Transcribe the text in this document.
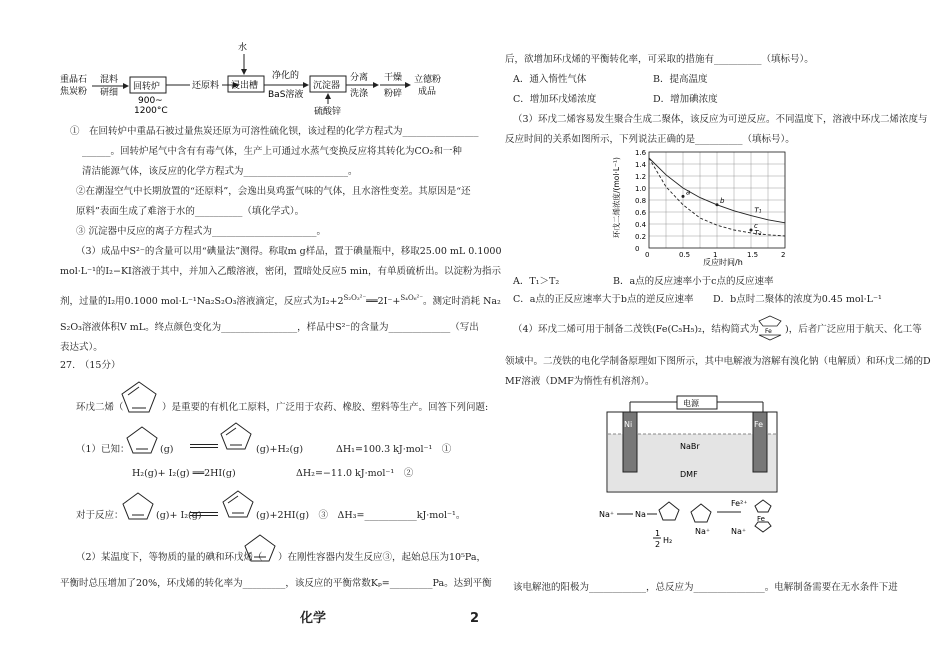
重晶石
焦炭粉
混料
研细
回转炉
900~
1200°C
还原料
水
浸出槽
净化的
BaS溶液
沉淀器
硫酸锌
分离
洗涤
干燥
粉碎
立德粉
成品

①　在回转炉中重晶石被过量焦炭还原为可溶性硫化钡，该过程的化学方程式为________________

______。回转炉尾气中含有有毒气体，生产上可通过水蒸气变换反应将其转化为CO₂和一种

清洁能源气体，该反应的化学方程式为______________________。

②在潮湿空气中长期放置的“还原料”，会逸出臭鸡蛋气味的气体，且水溶性变差。其原因是“还

原料”表面生成了难溶于水的__________（填化学式）。

③ 沉淀器中反应的离子方程式为______________________。

（3）成品中S²⁻的含量可以用“碘量法”测得。称取m g样品，置于碘量瓶中，移取25.00 mL 0.1000

mol·L⁻¹的I₂−KI溶液于其中，并加入乙酸溶液，密闭，置暗处反应5 min，有单质硫析出。以淀粉为指示

剂，过量的I₂用0.1000 mol·L⁻¹Na₂S₂O₃溶液滴定，反应式为$I_2+2^{S_2O_3^{2-}}══2I^-+^{S_4O_6^{2-}}$。测定时消耗 Na₂

S₂O₃溶液体积V mL。终点颜色变化为________________，样品中S²⁻的含量为_____________（写出

表达式）。

27.　（15分）

环戊二烯（	）是重要的有机化工原料，广泛用于农药、橡胶、塑料等生产。回答下列问题:

（1）已知：	(g)	(g)+H₂(g)	ΔH₁=100.3 kJ·mol⁻¹　①

H₂(g)+ I₂(g) ══2HI(g)	ΔH₂=−11.0 kJ·mol⁻¹　②

对于反应：	(g)+ I₂(g)	(g)+2HI(g)　③　ΔH₃=___________kJ·mol⁻¹。

（2）某温度下，等物质的量的碘和环戊烯（ ）在刚性容器内发生反应③，起始总压为10⁵Pa，

平衡时总压增加了20%，环戊烯的转化率为_________，该反应的平衡常数Kₚ=_________Pa。达到平衡

后，欲增加环戊烯的平衡转化率，可采取的措施有__________（填标号）。

A．通入惰性气体	B．提高温度

C．增加环戊烯浓度	D．增加碘浓度

（3）环戊二烯容易发生聚合生成二聚体，该反应为可逆反应。不同温度下，溶液中环戊二烯浓度与

反应时间的关系如图所示，下列说法正确的是__________（填标号）。

环戊二烯浓度/(mol·L⁻¹)	T₁
T₂
a
b
c
0
0.2
0.4
0.6
0.8
1.0
1.2
1.4
1.6
0	0.5	1	1.5	2
反应时间/h

A．T₁＞T₂	B．a点的反应速率小于c点的反应速率

C．a点的正反应速率大于b点的逆反应速率 D．b点时二聚体的浓度为0.45 mol·L⁻¹

（4）环戊二烯可用于制备二茂铁(Fe(C₅H₅)₂，结构简式为 Fe )，后者广泛应用于航天、化工等

领域中。二茂铁的电化学制备原理如下图所示，其中电解液为溶解有溴化钠（电解质）和环戊二烯的D

MF溶液（DMF为惰性有机溶剂）。

电源
Ni	Fe
NaBr
DMF
Na⁺	Na
1
2 H₂
Na⁺
Fe²⁺
Fe
Na⁺

该电解池的阳极为____________，总反应为_______________。电解制备需要在无水条件下进

化学	2
